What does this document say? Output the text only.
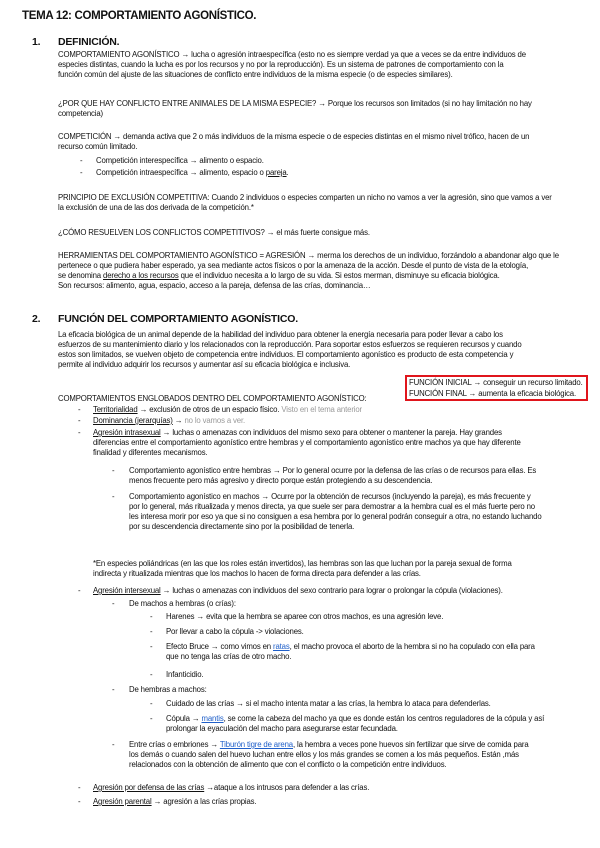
TEMA 12: COMPORTAMIENTO AGONÍSTICO.
1. DEFINICIÓN.
COMPORTAMIENTO AGONÍSTICO → lucha o agresión intraespecífica (esto no es siempre verdad ya que a veces se da entre individuos de
especies distintas, cuando la lucha es por los recursos y no por la reproducción). Es un sistema de patrones de comportamiento con la
función común del ajuste de las situaciones de conflicto entre individuos de la misma especie (o de especies similares).
¿POR QUE HAY CONFLICTO ENTRE ANIMALES DE LA MISMA ESPECIE? → Porque los recursos son limitados (si no hay limitación no hay
competencia)
COMPETICIÓN → demanda activa que 2 o más individuos de la misma especie o de especies distintas en el mismo nivel trófico, hacen de un
recurso común limitado.
- Competición interespecífica → alimento o espacio.
- Competición intraespecífica → alimento, espacio o pareja.
PRINCIPIO DE EXCLUSIÓN COMPETITIVA: Cuando 2 individuos o especies comparten un nicho no vamos a ver la agresión, sino que vamos a ver
la exclusión de una de las dos derivada de la competición.*
¿CÓMO RESUELVEN LOS CONFLICTOS COMPETITIVOS? → el más fuerte consigue más.
HERRAMIENTAS DEL COMPORTAMIENTO AGONÍSTICO = AGRESIÓN → merma los derechos de un individuo, forzándolo a abandonar algo que le
pertenece o que pudiera haber esperado, ya sea mediante actos físicos o por la amenaza de la acción. Desde el punto de vista de la etología,
se denomina derecho a los recursos que el individuo necesita a lo largo de su vida. Si estos merman, disminuye su eficacia biológica.
Son recursos: alimento, agua, espacio, acceso a la pareja, defensa de las crías, dominancia…
2. FUNCIÓN DEL COMPORTAMIENTO AGONÍSTICO.
La eficacia biológica de un animal depende de la habilidad del individuo para obtener la energía necesaria para poder llevar a cabo los
esfuerzos de su mantenimiento diario y los relacionados con la reproducción. Para soportar estos esfuerzos se requieren recursos y cuando
estos son limitados, se vuelven objeto de competencia entre individuos. El comportamiento agonístico es producto de esta competencia y
permite al individuo adquirir los recursos y aumentar así su eficacia biológica e inclusiva.
FUNCIÓN INICIAL → conseguir un recurso limitado.
FUNCIÓN FINAL → aumenta la eficacia biológica.
COMPORTAMIENTOS ENGLOBADOS DENTRO DEL COMPORTAMIENTO AGONÍSTICO:
- Territorialidad → exclusión de otros de un espacio físico. Visto en el tema anterior
- Dominancia (jerarquías) → no lo vamos a ver.
- Agresión intrasexual → luchas o amenazas con individuos del mismo sexo para obtener o mantener la pareja. Hay grandes
diferencias entre el comportamiento agonístico entre hembras y el comportamiento agonístico entre machos ya que hay diferente
finalidad y diferentes mecanismos.
- Comportamiento agonístico entre hembras → Por lo general ocurre por la defensa de las crías o de recursos para ellas. Es
menos frecuente pero más agresivo y directo porque están protegiendo a su descendencia.
- Comportamiento agonístico en machos → Ocurre por la obtención de recursos (incluyendo la pareja), es más frecuente y
por lo general, más ritualizada y menos directa, ya que suele ser para demostrar a la hembra cual es el más fuerte pero no
les interesa morir por eso ya que si no consiguen a esa hembra por lo general podrán conseguir a otra, no estando luchando
por su descendencia directamente sino por la posibilidad de tenerla.
*En especies poliándricas (en las que los roles están invertidos), las hembras son las que luchan por la pareja sexual de forma
indirecta y ritualizada mientras que los machos lo hacen de forma directa para defender a las crías.
- Agresión intersexual → luchas o amenazas con individuos del sexo contrario para lograr o prolongar la cópula (violaciones).
- De machos a hembras (o crías):
- Harenes → evita que la hembra se aparee con otros machos, es una agresión leve.
- Por llevar a cabo la cópula -> violaciones.
- Efecto Bruce → como vimos en ratas, el macho provoca el aborto de la hembra si no ha copulado con ella para
que no tenga las crías de otro macho.
- Infanticidio.
- De hembras a machos:
- Cuidado de las crías → si el macho intenta matar a las crías, la hembra lo ataca para defenderlas.
- Cópula → mantis, se come la cabeza del macho ya que es donde están los centros reguladores de la cópula y así
prolongar la eyaculación del macho para asegurarse estar fecundada.
- Entre crías o embriones → Tiburón tigre de arena, la hembra a veces pone huevos sin fertilizar que sirve de comida para
los demás o cuando salen del huevo luchan entre ellos y los más grandes se comen a los más pequeños. Están ,más
relacionados con la obtención de alimento que con el conflicto o la competición entre individuos.
- Agresión por defensa de las crías →ataque a los intrusos para defender a las crías.
- Agresión parental → agresión a las crías propias.
